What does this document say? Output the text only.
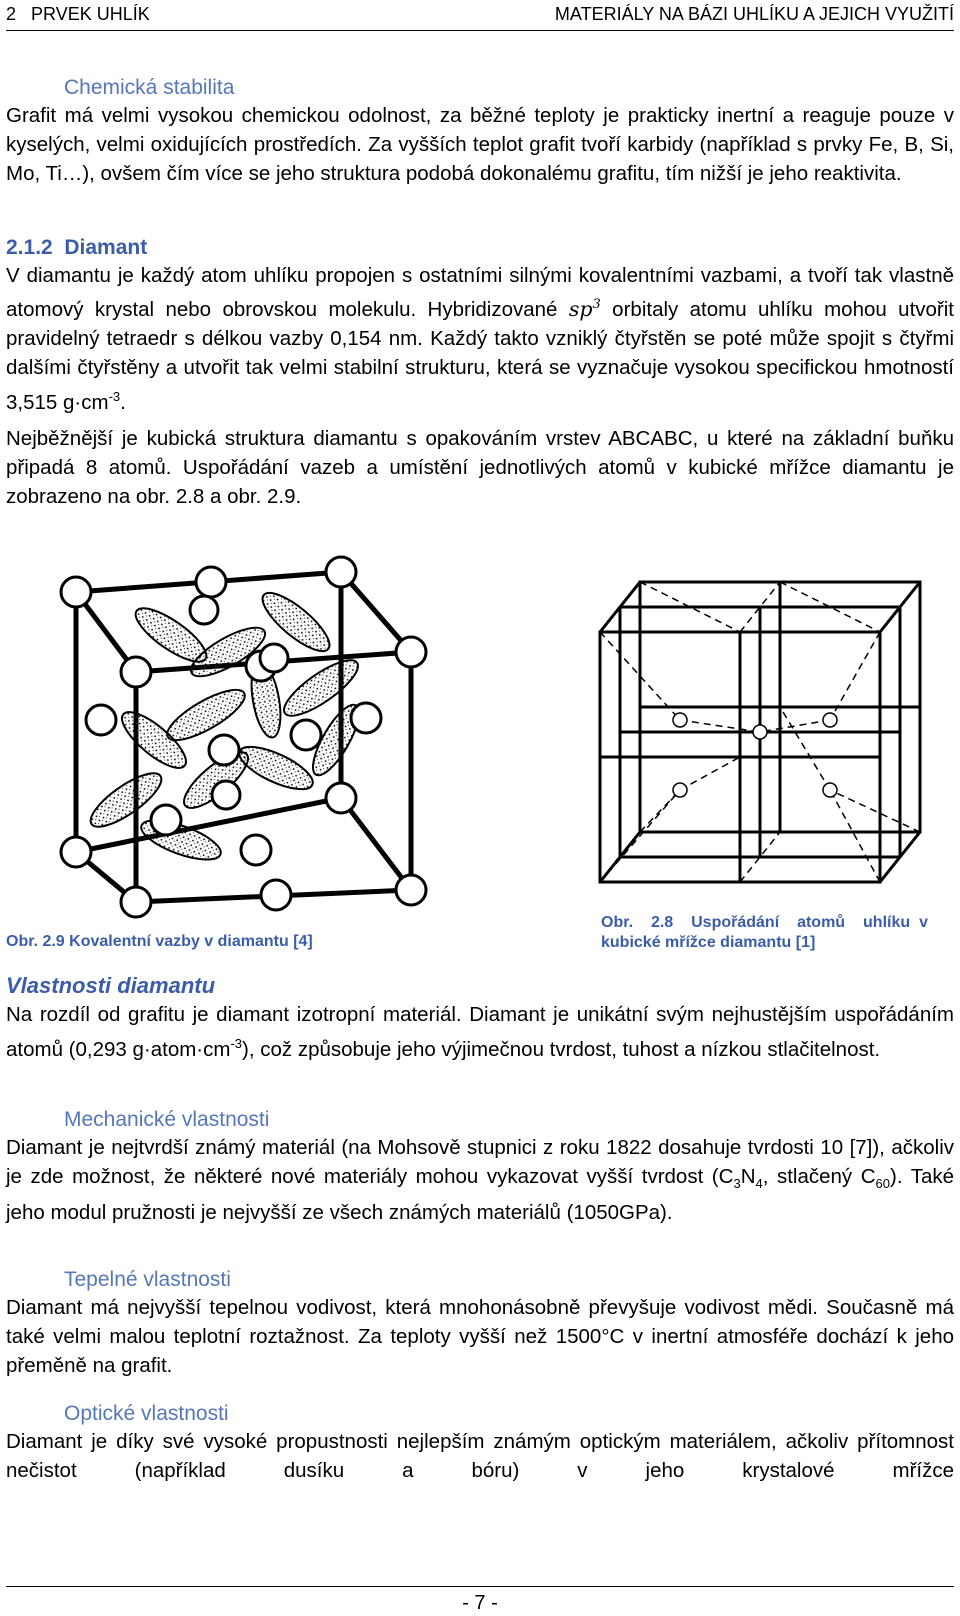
2   PRVEK UHLÍK	MATERIÁLY NA BÁZI UHLÍKU A JEJICH VYUŽITÍ
Chemická stabilita
Grafit má velmi vysokou chemickou odolnost, za běžné teploty je prakticky inertní a reaguje pouze v kyselých, velmi oxidujících prostředích. Za vyšších teplot grafit tvoří karbidy (například s prvky Fe, B, Si, Mo, Ti…), ovšem čím více se jeho struktura podobá dokonalému grafitu, tím nižší je jeho reaktivita.
2.1.2  Diamant
V diamantu je každý atom uhlíku propojen s ostatními silnými kovalentními vazbami, a tvoří tak vlastně atomový krystal nebo obrovskou molekulu. Hybridizované $sp^3$ orbitaly atomu uhlíku mohou utvořit pravidelný tetraedr s délkou vazby 0,154 nm. Každý takto vzniklý čtyřstěn se poté může spojit s čtyřmi dalšími čtyřstěny a utvořit tak velmi stabilní strukturu, která se vyznačuje vysokou specifickou hmotností 3,515 $g\cdot cm^{-3}$.
Nejběžnější je kubická struktura diamantu s opakováním vrstev ABCABC, u které na základní buňku připadá 8 atomů. Uspořádání vazeb a umístění jednotlivých atomů v kubické mřížce diamantu je zobrazeno na obr. 2.8 a obr. 2.9.
Obr. 2.9 Kovalentní vazby v diamantu [4]
Obr.  2.8  Uspořádání  atomů  uhlíku v kubické mřížce diamantu [1]
Vlastnosti diamantu
Na rozdíl od grafitu je diamant izotropní materiál. Diamant je unikátní svým nejhustějším uspořádáním atomů (0,293 $g\cdot atom\cdot cm^{-3}$), což způsobuje jeho výjimečnou tvrdost, tuhost a nízkou stlačitelnost.
Mechanické vlastnosti
Diamant je nejtvrdší známý materiál (na Mohsově stupnici z roku 1822 dosahuje tvrdosti 10 [7]), ačkoliv je zde možnost, že některé nové materiály mohou vykazovat vyšší tvrdost ($C_3N_4$, stlačený $C_{60}$). Také jeho modul pružnosti je nejvyšší ze všech známých materiálů (1050GPa).
Tepelné vlastnosti
Diamant má nejvyšší tepelnou vodivost, která mnohonásobně převyšuje vodivost mědi. Současně má také velmi malou teplotní roztažnost. Za teploty vyšší než 1500°C v inertní atmosféře dochází k jeho přeměně na grafit.
Optické vlastnosti
Diamant je díky své vysoké propustnosti nejlepším známým optickým materiálem, ačkoliv přítomnost nečistot (například dusíku a bóru) v jeho krystalové mřížce
- 7 -
